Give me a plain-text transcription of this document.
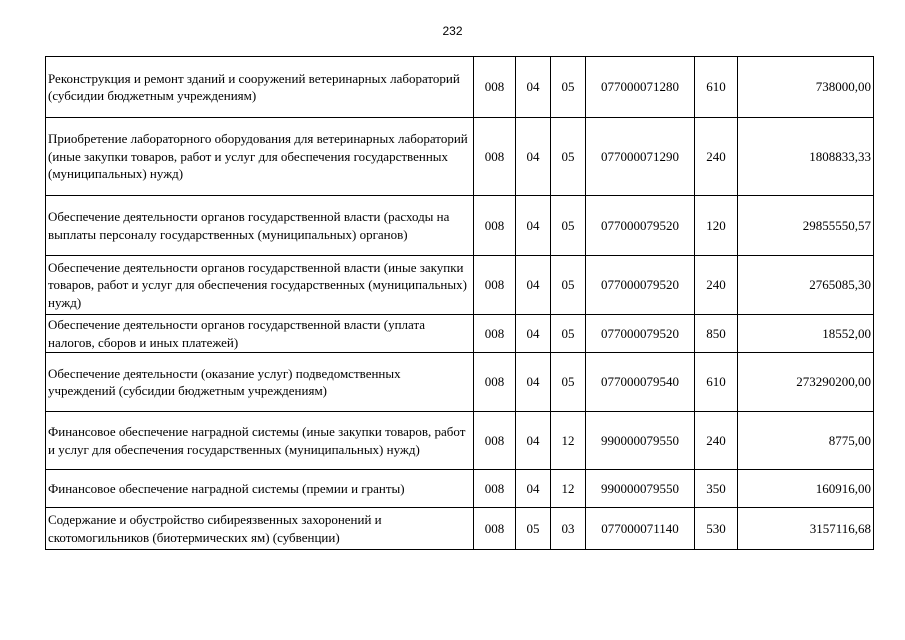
232
Реконструкция и ремонт зданий и сооружений ветеринарных лабораторий (субсидии бюджетным учреждениям)	008	04	05	077000071280	610	738000,00
Приобретение лабораторного оборудования для ветеринарных лабораторий (иные закупки товаров, работ и услуг для обеспечения государственных (муниципальных) нужд)	008	04	05	077000071290	240	1808833,33
Обеспечение деятельности органов государственной власти (расходы на выплаты персоналу государственных (муниципальных) органов)	008	04	05	077000079520	120	29855550,57
Обеспечение деятельности органов государственной власти (иные закупки товаров, работ и услуг для обеспечения государственных (муниципальных) нужд)	008	04	05	077000079520	240	2765085,30
Обеспечение деятельности органов государственной власти (уплата налогов, сборов и иных платежей)	008	04	05	077000079520	850	18552,00
Обеспечение деятельности (оказание услуг) подведомственных учреждений (субсидии бюджетным учреждениям)	008	04	05	077000079540	610	273290200,00
Финансовое обеспечение наградной системы (иные закупки товаров, работ и услуг для обеспечения государственных (муниципальных) нужд)	008	04	12	990000079550	240	8775,00
Финансовое обеспечение наградной системы (премии и гранты)	008	04	12	990000079550	350	160916,00
Содержание и обустройство сибиреязвенных захоронений и скотомогильников (биотермических ям) (субвенции)	008	05	03	077000071140	530	3157116,68
